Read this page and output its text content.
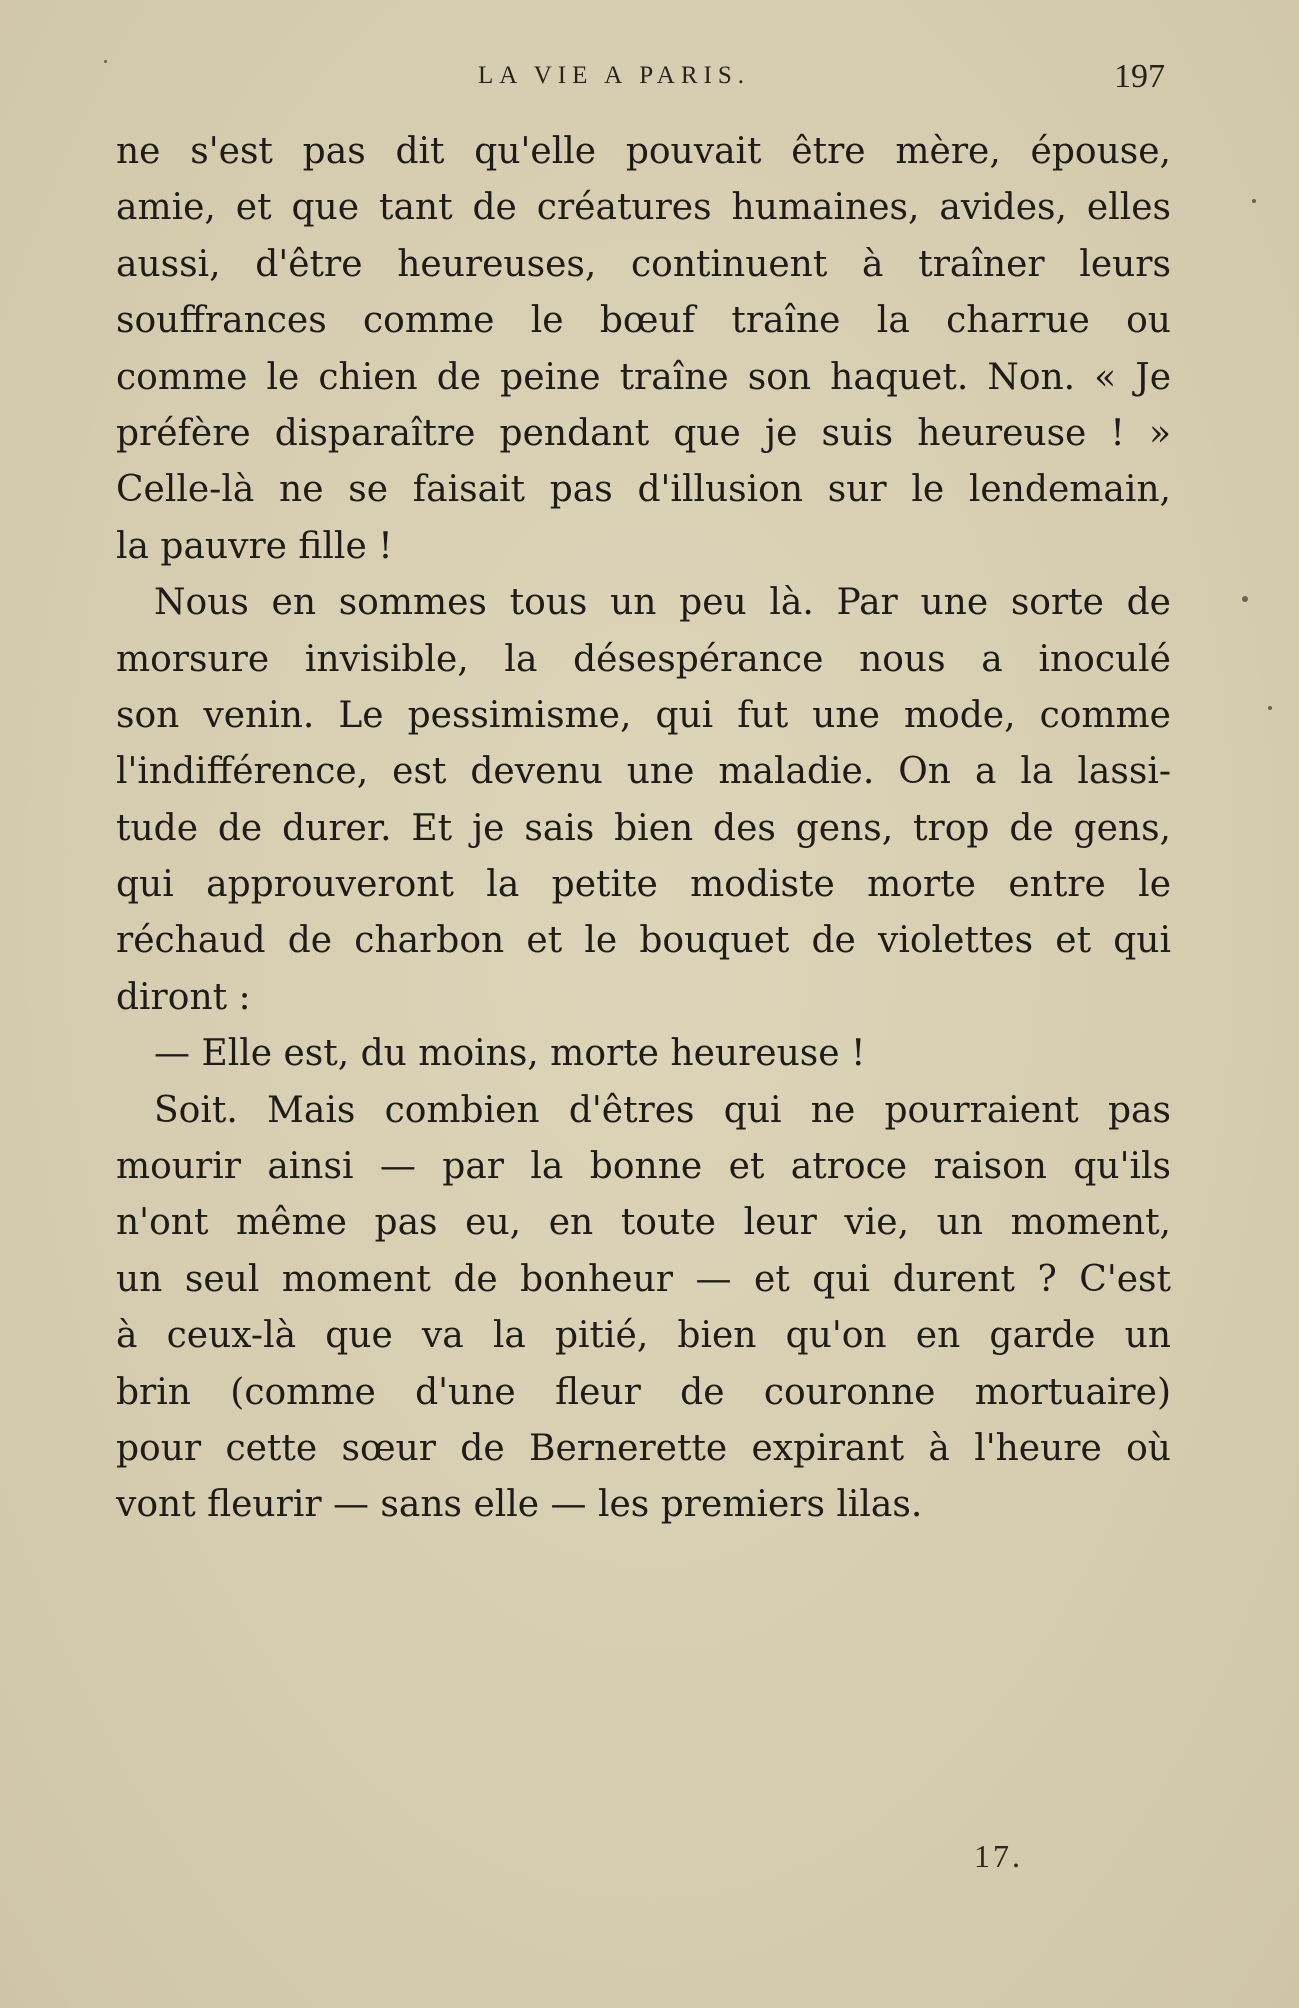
LA VIE A PARIS.	197
ne s'est pas dit qu'elle pouvait être mère, épouse,
amie, et que tant de créatures humaines, avides, elles
aussi, d'être heureuses, continuent à traîner leurs
souffrances comme le bœuf traîne la charrue ou
comme le chien de peine traîne son haquet. Non. « Je
préfère disparaître pendant que je suis heureuse ! »
Celle-là ne se faisait pas d'illusion sur le lendemain,
la pauvre fille !
Nous en sommes tous un peu là. Par une sorte de
morsure invisible, la désespérance nous a inoculé
son venin. Le pessimisme, qui fut une mode, comme
l'indifférence, est devenu une maladie. On a la lassi-
tude de durer. Et je sais bien des gens, trop de gens,
qui approuveront la petite modiste morte entre le
réchaud de charbon et le bouquet de violettes et qui
diront :
— Elle est, du moins, morte heureuse !
Soit. Mais combien d'êtres qui ne pourraient pas
mourir ainsi — par la bonne et atroce raison qu'ils
n'ont même pas eu, en toute leur vie, un moment,
un seul moment de bonheur — et qui durent ? C'est
à ceux-là que va la pitié, bien qu'on en garde un
brin (comme d'une fleur de couronne mortuaire)
pour cette sœur de Bernerette expirant à l'heure où
vont fleurir — sans elle — les premiers lilas.
17.
